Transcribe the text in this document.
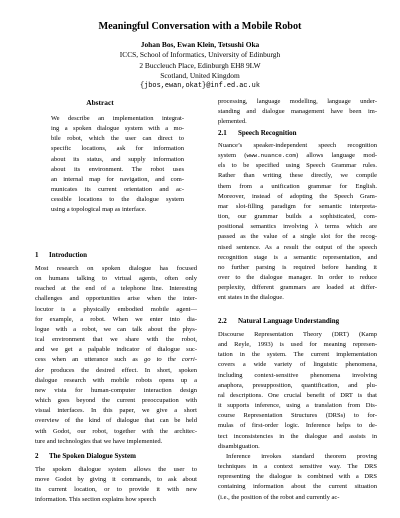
Meaningful Conversation with a Mobile Robot
Johan Bos, Ewan Klein, Tetsushi Oka
ICCS, School of Informatics, University of Edinburgh
2 Buccleuch Place, Edinburgh EH8 9LW
Scotland, United Kingdom
{jbos,ewan,okat}@inf.ed.ac.uk
Abstract
We describe an implementation integrat-
ing a spoken dialogue system with a mo-
bile robot, which the user can direct to
specific locations, ask for information
about its status, and supply information
about its environment. The robot uses
an internal map for navigation, and com-
municates its current orientation and ac-
cessible locations to the dialogue system
using a topological map as interface.
1 Introduction
Most research on spoken dialogue has focused
on humans talking to virtual agents, often only
reached at the end of a telephone line. Interesting
challenges and opportunities arise when the inter-
locutor is a physically embodied mobile agent—
for example, a robot. When we enter into dia-
logue with a robot, we can talk about the phys-
ical environment that we share with the robot,
and we get a palpable indicator of dialogue suc-
cess when an utterance such as go to the corri-
dor produces the desired effect. In short, spoken
dialogue research with mobile robots opens up a
new vista for human-computer interaction design
which goes beyond the current preoccupation with
visual interfaces. In this paper, we give a short
overview of the kind of dialogue that can be held
with Godot, our robot, together with the architec-
ture and technologies that we have implemented.
2 The Spoken Dialogue System
The spoken dialogue system allows the user to
move Godot by giving it commands, to ask about
its current location, or to provide it with new
information. This section explains how speech
processing, language modelling, language under-
standing and dialogue management have been im-
plemented.
2.1 Speech Recognition
Nuance’s speaker-independent speech recognition
system (www.nuance.com) allows language mod-
els to be specified using Speech Grammar rules.
Rather than writing these directly, we compile
them from a unification grammar for English.
Moreover, instead of adopting the Speech Gram-
mar slot-filling paradigm for semantic interpreta-
tion, our grammar builds a sophisticated, com-
positional semantics involving λ terms which are
passed as the value of a single slot for the recog-
nised sentence. As a result the output of the speech
recognition stage is a semantic representation, and
no further parsing is required before handing it
over to the dialogue manager. In order to reduce
perplexity, different grammars are loaded at differ-
ent states in the dialogue.
2.2 Natural Language Understanding
Discourse Representation Theory (DRT) (Kamp
and Reyle, 1993) is used for meaning represen-
tation in the system. The current implementation
covers a wide variety of linguistic phenomena,
including context-sensitive phenomena involving
anaphora, presupposition, quantification, and plu-
ral descriptions. One crucial benefit of DRT is that
it supports inference, using a translation from Dis-
course Representation Structures (DRSs) to for-
mulas of first-order logic. Inference helps to de-
tect inconsistencies in the dialogue and assists in
disambiguation.
Inference invokes standard theorem proving
techniques in a context sensitive way. The DRS
representing the dialogue is combined with a DRS
containing information about the current situation
(i.e., the position of the robot and currently ac-
